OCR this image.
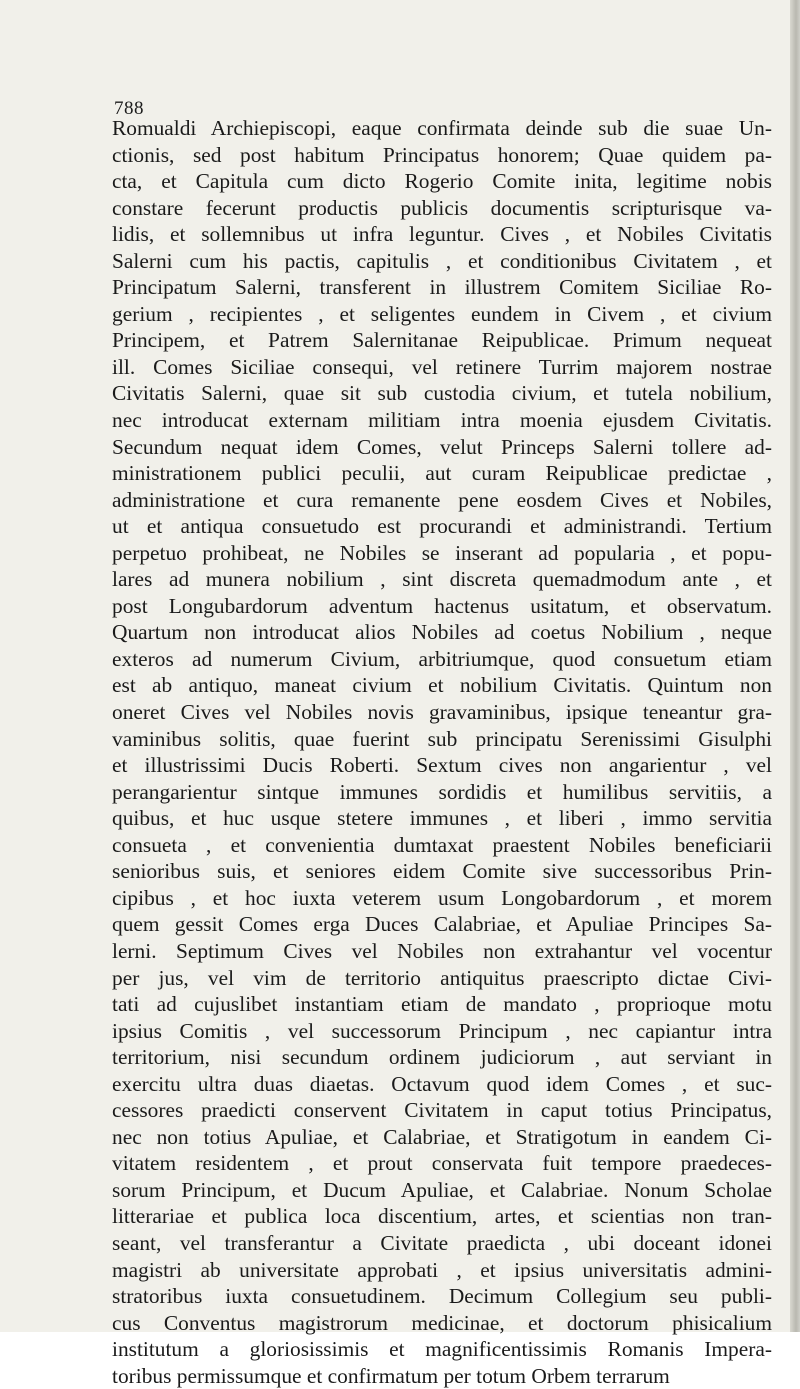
788
Romualdi Archiepiscopi, eaque confirmata deinde sub die suae Un-
ctionis, sed post habitum Principatus honorem; Quae quidem pa-
cta, et Capitula cum dicto Rogerio Comite inita, legitime nobis
constare fecerunt productis publicis documentis scripturisque va-
lidis, et sollemnibus ut infra leguntur. Cives , et Nobiles Civitatis
Salerni cum his pactis, capitulis , et conditionibus Civitatem , et
Principatum Salerni, transferent in illustrem Comitem Siciliae Ro-
gerium , recipientes , et seligentes eundem in Civem , et civium
Principem, et Patrem Salernitanae Reipublicae. Primum nequeat
ill. Comes Siciliae consequi, vel retinere Turrim majorem nostrae
Civitatis Salerni, quae sit sub custodia civium, et tutela nobilium,
nec introducat externam militiam intra moenia ejusdem Civitatis.
Secundum nequat idem Comes, velut Princeps Salerni tollere ad-
ministrationem publici peculii, aut curam Reipublicae predictae ,
administratione et cura remanente pene eosdem Cives et Nobiles,
ut et antiqua consuetudo est procurandi et administrandi. Tertium
perpetuo prohibeat, ne Nobiles se inserant ad popularia , et popu-
lares ad munera nobilium , sint discreta quemadmodum ante , et
post Longubardorum adventum hactenus usitatum, et observatum.
Quartum non introducat alios Nobiles ad coetus Nobilium , neque
exteros ad numerum Civium, arbitriumque, quod consuetum etiam
est ab antiquo, maneat civium et nobilium Civitatis. Quintum non
oneret Cives vel Nobiles novis gravaminibus, ipsique teneantur gra-
vaminibus solitis, quae fuerint sub principatu Serenissimi Gisulphi
et illustrissimi Ducis Roberti. Sextum cives non angarientur , vel
perangarientur sintque immunes sordidis et humilibus servitiis, a
quibus, et huc usque stetere immunes , et liberi , immo servitia
consueta , et convenientia dumtaxat praestent Nobiles beneficiarii
senioribus suis, et seniores eidem Comite sive successoribus Prin-
cipibus , et hoc iuxta veterem usum Longobardorum , et morem
quem gessit Comes erga Duces Calabriae, et Apuliae Principes Sa-
lerni. Septimum Cives vel Nobiles non extrahantur vel vocentur
per jus, vel vim de territorio antiquitus praescripto dictae Civi-
tati ad cujuslibet instantiam etiam de mandato , proprioque motu
ipsius Comitis , vel successorum Principum , nec capiantur intra
territorium, nisi secundum ordinem judiciorum , aut serviant in
exercitu ultra duas diaetas. Octavum quod idem Comes , et suc-
cessores praedicti conservent Civitatem in caput totius Principatus,
nec non totius Apuliae, et Calabriae, et Stratigotum in eandem Ci-
vitatem residentem , et prout conservata fuit tempore praedeces-
sorum Principum, et Ducum Apuliae, et Calabriae. Nonum Scholae
litterariae et publica loca discentium, artes, et scientias non tran-
seant, vel transferantur a Civitate praedicta , ubi doceant idonei
magistri ab universitate approbati , et ipsius universitatis admini-
stratoribus iuxta consuetudinem. Decimum Collegium seu publi-
cus Conventus magistrorum medicinae, et doctorum phisicalium
institutum a gloriosissimis et magnificentissimis Romanis Impera-
toribus permissumque et confirmatum per totum Orbem terrarum
